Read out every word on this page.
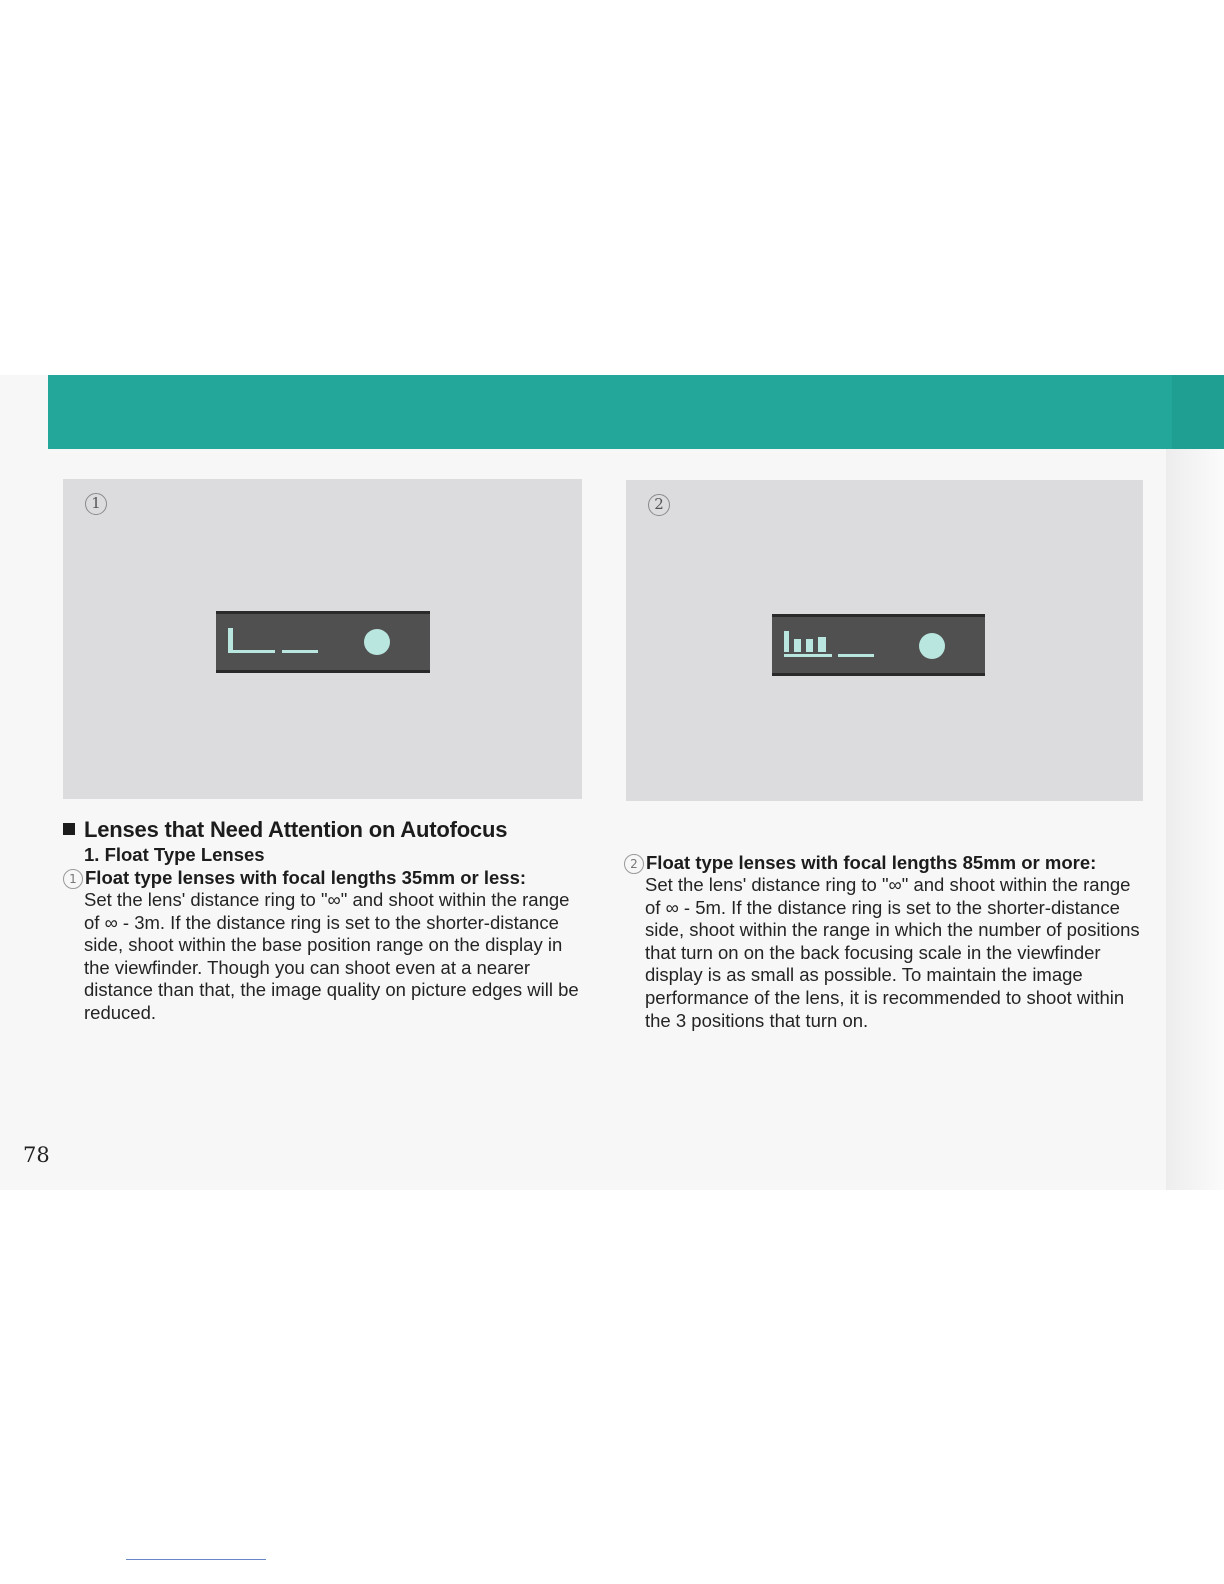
1	2
Lenses that Need Attention on Autofocus
1. Float Type Lenses
1 Float type lenses with focal lengths 35mm or less:

Set the lens' distance ring to "∞" and shoot within the range of ∞ - 3m. If the distance ring is set to the shorter-distance side, shoot within the base position range on the display in the viewfinder. Though you can shoot even at a nearer distance than that, the image quality on picture edges will be reduced.

2 Float type lenses with focal lengths 85mm or more:

Set the lens' distance ring to "∞" and shoot within the range of ∞ - 5m. If the distance ring is set to the shorter-distance side, shoot within the range in which the number of positions that turn on on the back focusing scale in the viewfinder display is as small as possible. To maintain the image performance of the lens, it is recommended to shoot within the 3 positions that turn on.

78
